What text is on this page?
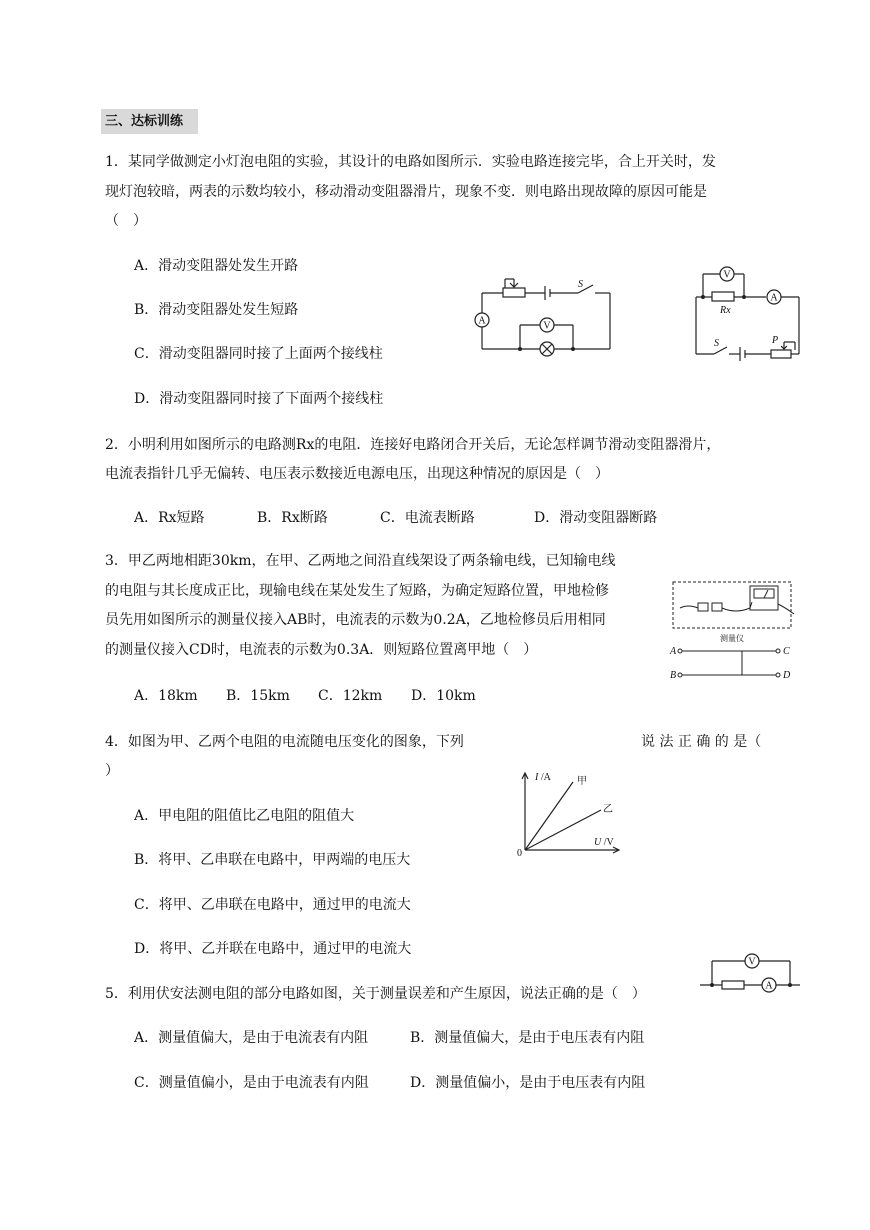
三、达标训练
1．某同学做测定小灯泡电阻的实验，其设计的电路如图所示．实验电路连接完毕，合上开关时，发
现灯泡较暗，两表的示数均较小，移动滑动变阻器滑片，现象不变．则电路出现故障的原因可能是
（　）
A．滑动变阻器处发生开路
B．滑动变阻器处发生短路
C．滑动变阻器同时接了上面两个接线柱
D．滑动变阻器同时接了下面两个接线柱
A	V
S
A
V
Rx
S	P
2．小明利用如图所示的电路测Rx的电阻．连接好电路闭合开关后，无论怎样调节滑动变阻器滑片，
电流表指针几乎无偏转、电压表示数接近电源电压，出现这种情况的原因是（　）
A．Rx短路	B．Rx断路	C．电流表断路	D．滑动变阻器断路
3．甲乙两地相距30km，在甲、乙两地之间沿直线架设了两条输电线，已知输电线
的电阻与其长度成正比，现输电线在某处发生了短路，为确定短路位置，甲地检修
员先用如图所示的测量仪接入AB时，电流表的示数为0.2A，乙地检修员后用相同
的测量仪接入CD时，电流表的示数为0.3A．则短路位置离甲地（　）
A．18km B．15km C．12km D．10km
测量仪
A
B
C
D
4．如图为甲、乙两个电阻的电流随电压变化的图象，下列	说 法 正 确 的 是（
）
A．甲电阻的阻值比乙电阻的阻值大
B．将甲、乙串联在电路中，甲两端的电压大
C．将甲、乙串联在电路中，通过甲的电流大
D．将甲、乙并联在电路中，通过甲的电流大
I /A
U /V
0
甲
乙
5．利用伏安法测电阻的部分电路如图，关于测量误差和产生原因，说法正确的是（　）
A．测量值偏大，是由于电流表有内阻	B．测量值偏大，是由于电压表有内阻
C．测量值偏小，是由于电流表有内阻	D．测量值偏小，是由于电压表有内阻
A
V
